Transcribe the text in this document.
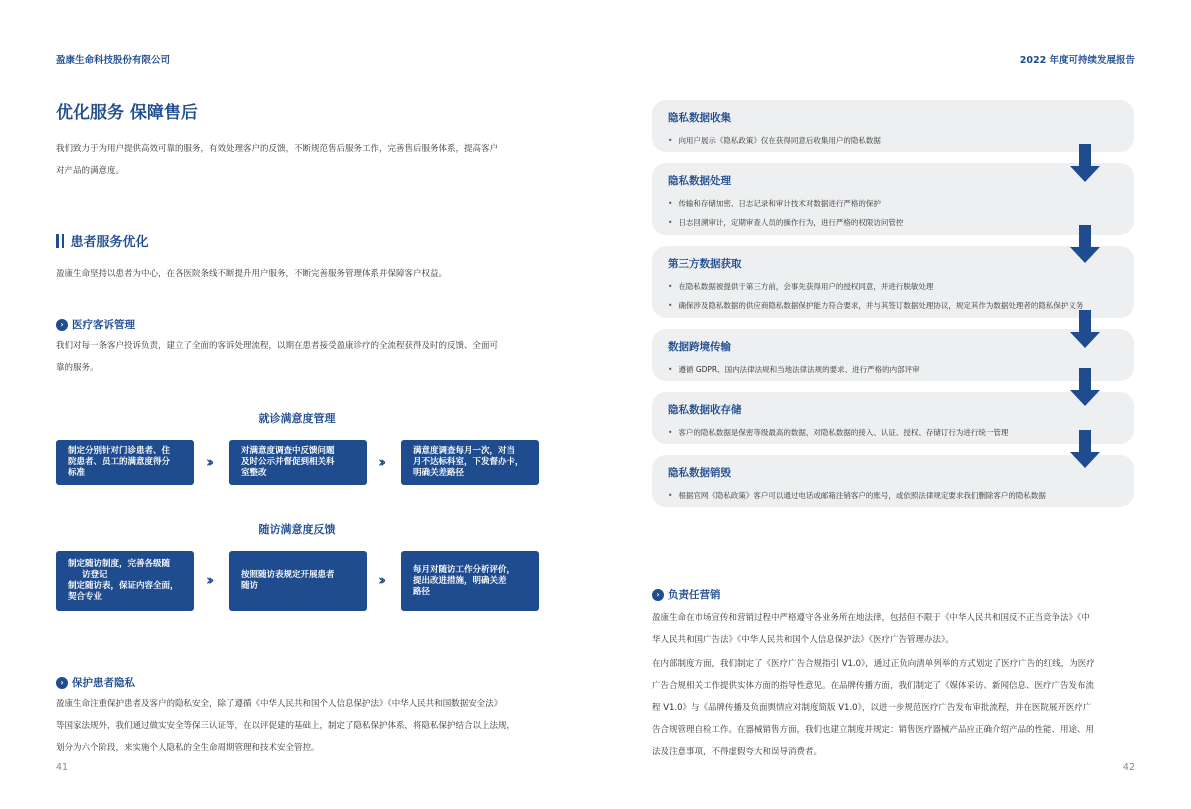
盈康生命科技股份有限公司	2022 年度可持续发展报告
优化服务 保障售后
我们致力于为用户提供高效可靠的服务，有效处理客户的反馈，不断规范售后服务工作，完善售后服务体系，提高客户
对产品的满意度。
患者服务优化
盈康生命坚持以患者为中心，在各医院条线不断提升用户服务，不断完善服务管理体系并保障客户权益。
› 医疗客诉管理
我们对每一条客户投诉负责，建立了全面的客诉处理流程，以期在患者接受盈康诊疗的全流程获得及时的反馈、全面可
靠的服务。
就诊满意度管理
制定分别针对门诊患者、住
院患者、员工的满意度得分
标准
››
对满意度调查中反馈问题
及时公示并督促到相关科
室整改
››
满意度调查每月一次，对当
月不达标科室，下发督办卡，
明确关差路径
随访满意度反馈
制定随访制度，完善各级随
访登记
制定随访表，保证内容全面，
契合专业
››	按照随访表规定开展患者
随访	››
每月对随访工作分析评价，
提出改进措施，明确关差
路径
› 保护患者隐私
盈康生命注重保护患者及客户的隐私安全，除了遵循《中华人民共和国个人信息保护法》《中华人民共和国数据安全法》
等国家法规外，我们通过做实安全等保三认证等，在以评促建的基础上，制定了隐私保护体系，将隐私保护结合以上法规，
划分为六个阶段，来实施个人隐私的全生命周期管理和技术安全管控。
41
隐私数据收集
• 向用户展示《隐私政策》仅在获得同意后收集用户的隐私数据
隐私数据处理
• 传输和存储加密、日志记录和审计技术对数据进行严格的保护
• 日志回溯审计，定期审查人员的操作行为，进行严格的权限访问管控
第三方数据获取
• 在隐私数据被提供于第三方前，会事先获得用户的授权同意，并进行脱敏处理
• 确保涉及隐私数据的供应商隐私数据保护能力符合要求，并与其签订数据处理协议，规定其作为数据处理者的隐私保护义务
数据跨境传输
• 遵循 GDPR、国内法律法规和当地法律法规的要求、进行严格的内部评审
隐私数据收存储
• 客户的隐私数据是保密等级最高的数据，对隐私数据的接入、认证、授权、存储订行为进行统一管理
隐私数据销毁
• 根据官网《隐私政策》客户可以通过电话或邮箱注销客户的账号，或依照法律规定要求我们删除客户的隐私数据
› 负责任营销
盈康生命在市场宣传和营销过程中严格遵守各业务所在地法律，包括但不限于《中华人民共和国反不正当竞争法》《中
华人民共和国广告法》《中华人民共和国个人信息保护法》《医疗广告管理办法》。
在内部制度方面，我们制定了《医疗广告合规指引 V1.0》，通过正负向清单列举的方式划定了医疗广告的红线，为医疗
广告合规相关工作提供实体方面的指导性意见。在品牌传播方面，我们制定了《媒体采访、新闻信息、医疗广告发布流
程 V1.0》与《品牌传播及负面舆情应对制度简版 V1.0》，以进一步规范医疗广告发布审批流程，并在医院展开医疗广
告合规管理自检工作。在器械销售方面，我们也建立制度并规定：销售医疗器械产品应正确介绍产品的性能、用途、用
法及注意事项，不得虚假夸大和误导消费者。
42
